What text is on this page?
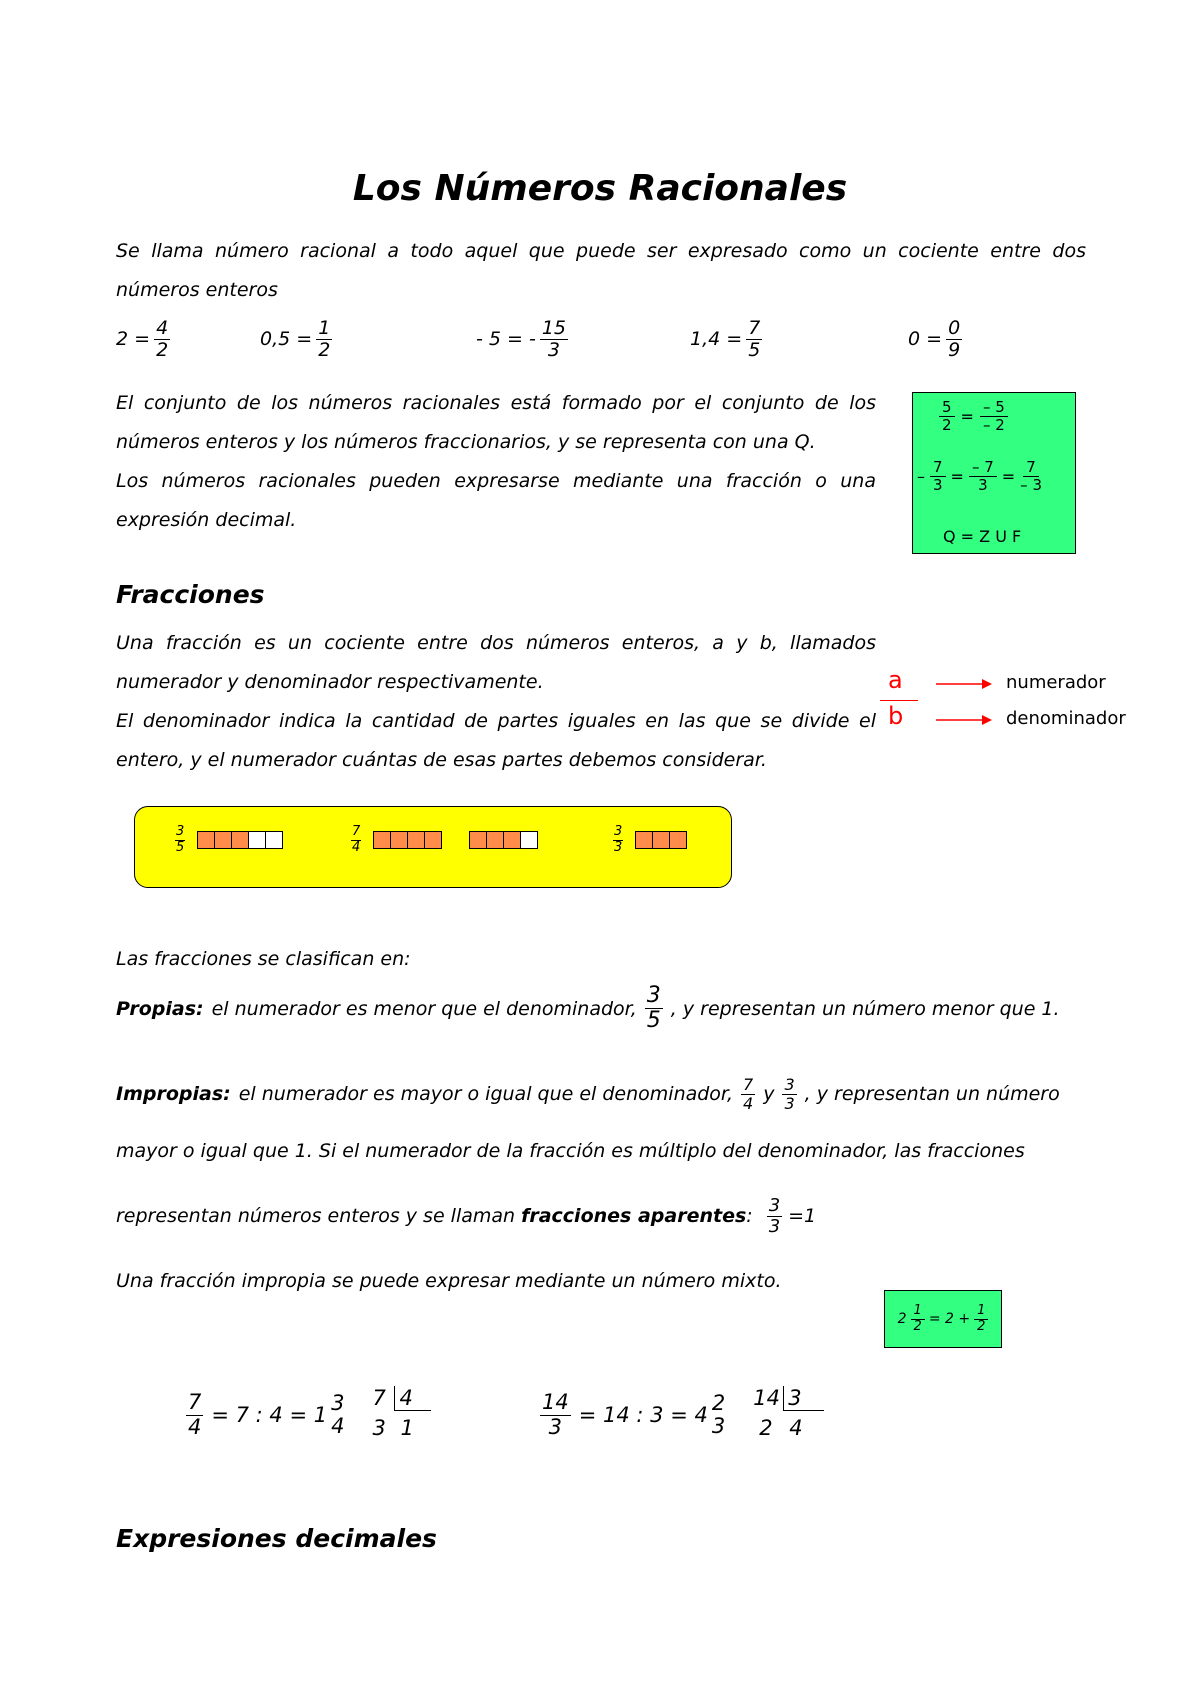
Los Números Racionales
Se llama número racional a todo aquel que puede ser expresado como un cociente entre dos números enteros
$2 = \frac{4}{2}$	$0,5 = \frac{1}{2}$	- 5 = - $\frac{15}{3}$	$1,4 = \frac{7}{5}$	$0 = \frac{0}{9}$
El conjunto de los números racionales está formado por el conjunto de los números enteros y los números fraccionarios, y se representa con una Q.
Los números racionales pueden expresarse mediante una fracción o una expresión decimal.
$\frac{5}{2} = \frac{- 5}{- 2}$
– $\frac{7}{3} = \frac{- 7}{3} = \frac{7}{- 3}$
Q = Z U F
Fracciones
Una fracción es un cociente entre dos números enteros, a y b, llamados numerador y denominador respectivamente.
El denominador indica la cantidad de partes iguales en las que se divide el entero, y el numerador cuántas de esas partes debemos considerar.
a
b
numerador
denominador
$\frac{3}{5}$	$\frac{7}{4}$	$\frac{3}{3}$
Las fracciones se clasifican en:
Propias: el numerador es menor que el denominador, $\frac{3}{5}$ , y representan un número menor que 1.
Impropias: el numerador es mayor o igual que el denominador, $\frac{7}{4}$ y $\frac{3}{3}$ , y representan un número
mayor o igual que 1. Si el numerador de la fracción es múltiplo del denominador, las fracciones
representan números enteros y se llaman fracciones aparentes : $\frac{3}{3} =1$
Una fracción impropia se puede expresar mediante un número mixto.
$2 \frac{1}{2} = 2 + \frac{1}{2}$
$\frac{7}{4} = 7$ : 4 = 1
3
4
7 4
3 1	$\frac{14}{3} = 14$ : 3 = 4
2
3
14 3
2 4
Expresiones decimales
